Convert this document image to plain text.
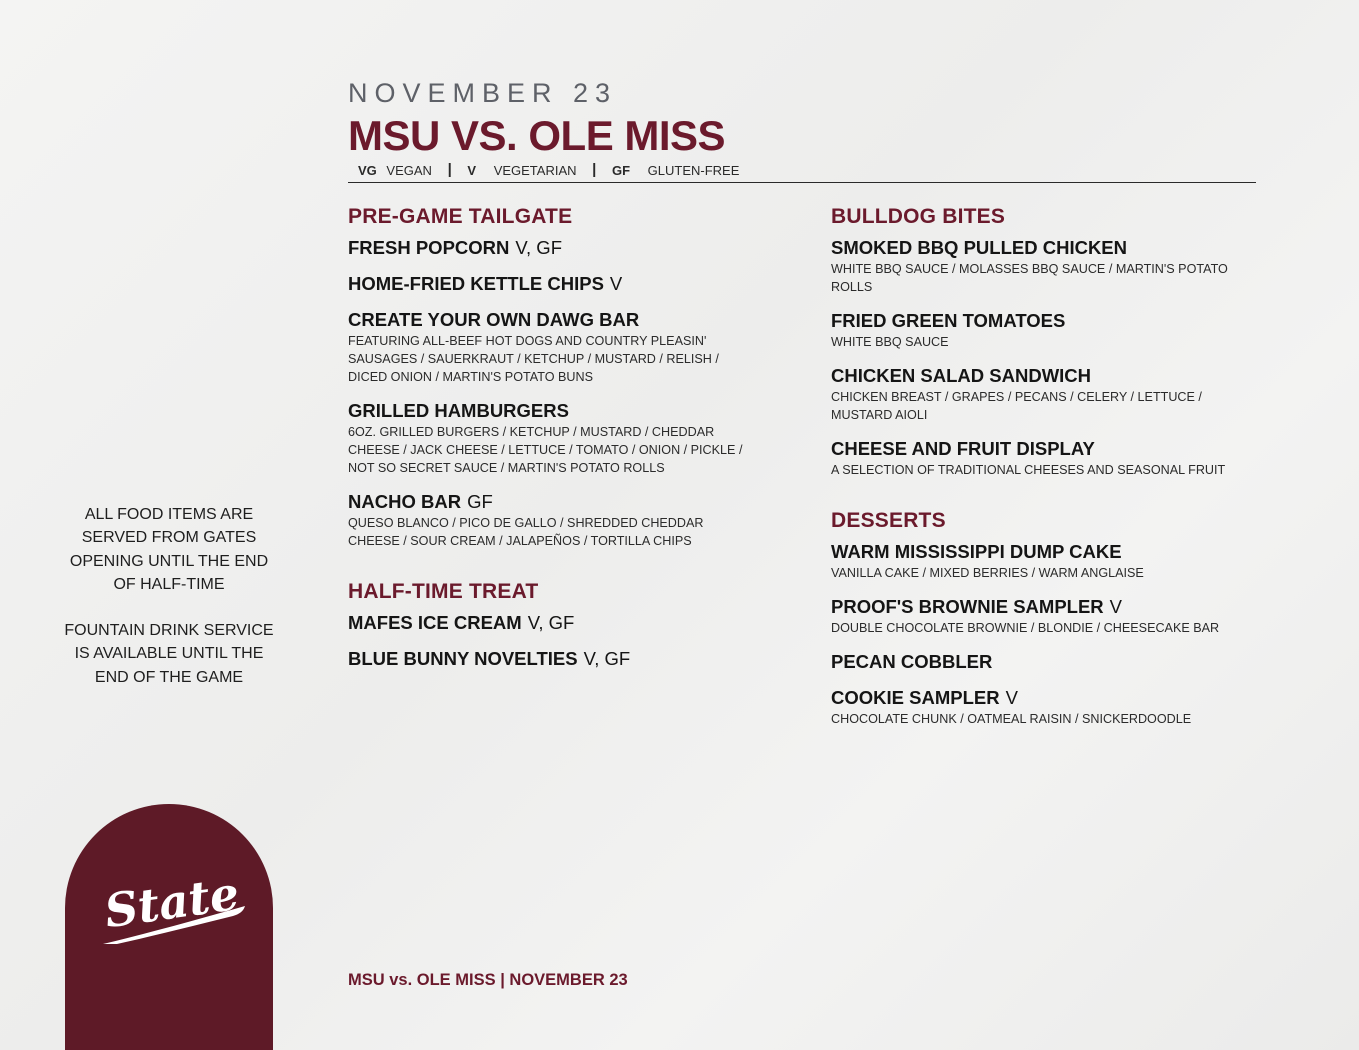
NOVEMBER 23
MSU VS. OLE MISS
VG VEGAN | V VEGETARIAN | GF GLUTEN-FREE
PRE-GAME TAILGATE
FRESH POPCORN V, GF
HOME-FRIED KETTLE CHIPS V
CREATE YOUR OWN DAWG BAR
FEATURING ALL-BEEF HOT DOGS AND COUNTRY PLEASIN' SAUSAGES / SAUERKRAUT / KETCHUP / MUSTARD / RELISH / DICED ONION / MARTIN'S POTATO BUNS
GRILLED HAMBURGERS
6OZ. GRILLED BURGERS / KETCHUP / MUSTARD / CHEDDAR CHEESE / JACK CHEESE / LETTUCE / TOMATO / ONION / PICKLE / NOT SO SECRET SAUCE / MARTIN'S POTATO ROLLS
NACHO BAR GF
QUESO BLANCO / PICO DE GALLO / SHREDDED CHEDDAR CHEESE / SOUR CREAM / JALAPEÑOS / TORTILLA CHIPS
HALF-TIME TREAT
MAFES ICE CREAM V, GF
BLUE BUNNY NOVELTIES V, GF
BULLDOG BITES
SMOKED BBQ PULLED CHICKEN
WHITE BBQ SAUCE / MOLASSES BBQ SAUCE / MARTIN'S POTATO ROLLS
FRIED GREEN TOMATOES
WHITE BBQ SAUCE
CHICKEN SALAD SANDWICH
CHICKEN BREAST / GRAPES / PECANS / CELERY / LETTUCE / MUSTARD AIOLI
CHEESE AND FRUIT DISPLAY
A SELECTION OF TRADITIONAL CHEESES AND SEASONAL FRUIT
DESSERTS
WARM MISSISSIPPI DUMP CAKE
VANILLA CAKE / MIXED BERRIES / WARM ANGLAISE
PROOF'S BROWNIE SAMPLER V
DOUBLE CHOCOLATE BROWNIE / BLONDIE / CHEESECAKE BAR
PECAN COBBLER
COOKIE SAMPLER V
CHOCOLATE CHUNK / OATMEAL RAISIN / SNICKERDOODLE
ALL FOOD ITEMS ARE SERVED FROM GATES OPENING UNTIL THE END OF HALF-TIME
FOUNTAIN DRINK SERVICE IS AVAILABLE UNTIL THE END OF THE GAME
State
MSU vs. OLE MISS | NOVEMBER 23
